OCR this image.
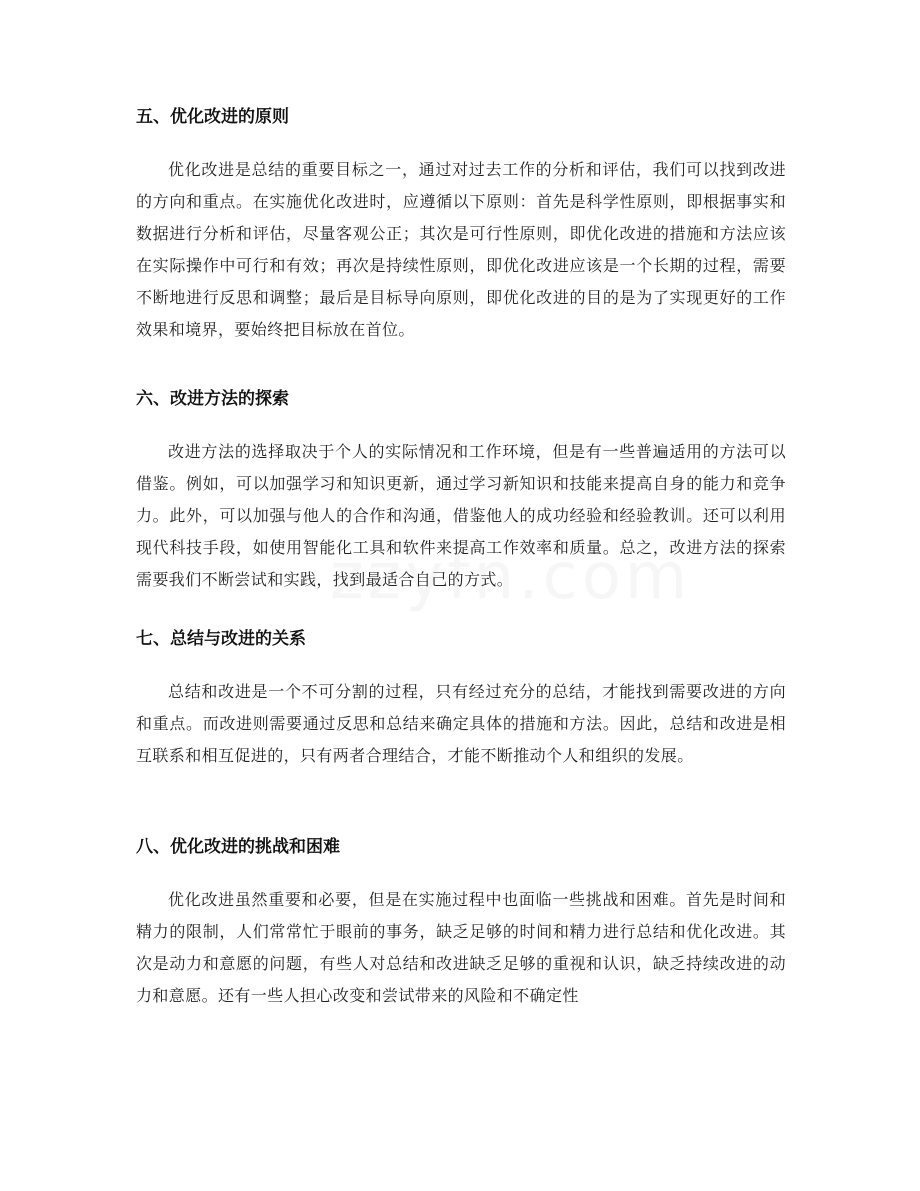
五、优化改进的原则

优化改进是总结的重要目标之一，通过对过去工作的分析和评估，我们可以找到改进的方向和重点。在实施优化改进时，应遵循以下原则：首先是科学性原则，即根据事实和数据进行分析和评估，尽量客观公正；其次是可行性原则，即优化改进的措施和方法应该在实际操作中可行和有效；再次是持续性原则，即优化改进应该是一个长期的过程，需要不断地进行反思和调整；最后是目标导向原则，即优化改进的目的是为了实现更好的工作效果和境界，要始终把目标放在首位。

六、改进方法的探索

改进方法的选择取决于个人的实际情况和工作环境，但是有一些普遍适用的方法可以借鉴。例如，可以加强学习和知识更新，通过学习新知识和技能来提高自身的能力和竞争力。此外，可以加强与他人的合作和沟通，借鉴他人的成功经验和经验教训。还可以利用现代科技手段，如使用智能化工具和软件来提高工作效率和质量。总之，改进方法的探索需要我们不断尝试和实践，找到最适合自己的方式。

七、总结与改进的关系

总结和改进是一个不可分割的过程，只有经过充分的总结，才能找到需要改进的方向和重点。而改进则需要通过反思和总结来确定具体的措施和方法。因此，总结和改进是相互联系和相互促进的，只有两者合理结合，才能不断推动个人和组织的发展。

八、优化改进的挑战和困难

优化改进虽然重要和必要，但是在实施过程中也面临一些挑战和困难。首先是时间和精力的限制，人们常常忙于眼前的事务，缺乏足够的时间和精力进行总结和优化改进。其次是动力和意愿的问题，有些人对总结和改进缺乏足够的重视和认识，缺乏持续改进的动力和意愿。还有一些人担心改变和尝试带来的风险和不确定性
